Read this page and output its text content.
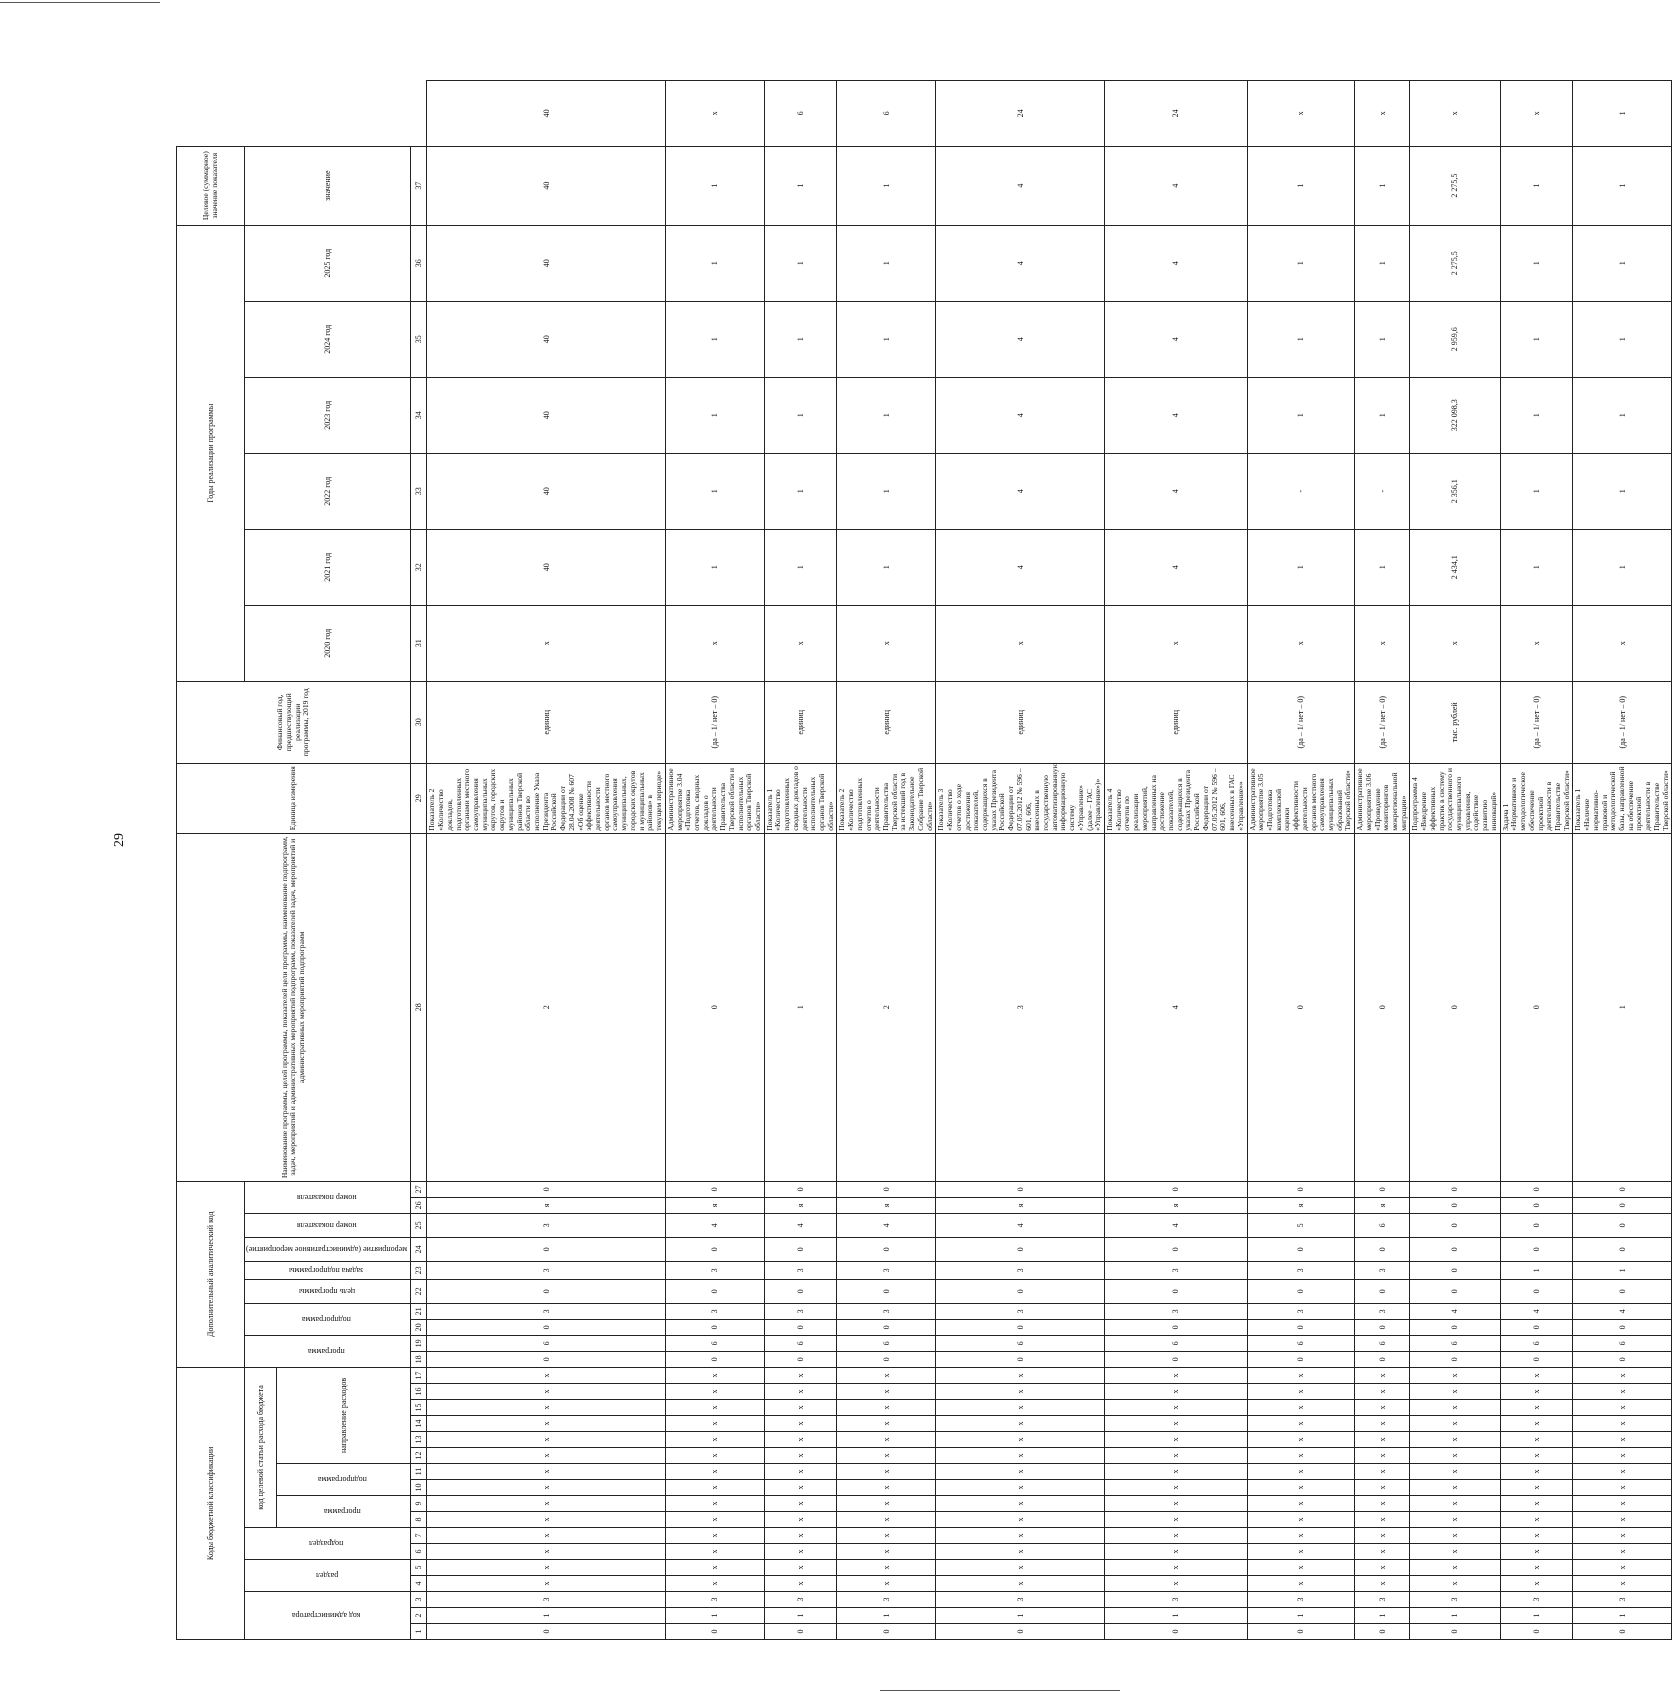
29
Коды бюджетной классификации																	Дополнительный аналитический код										Наименование программы, целей программы, показателей цели программы, наименование подпрограмм, задач, мероприятий и административных мероприятий подпрограмм, показателей задач, мероприятий и административных мероприятий подпрограмм	Единица измерения	Финансовый год, предшествующий реализации программы, 2019 год	Годы реализации программы						Целевое (суммарное) значение показателя	
код администратора			раздел		подраздел		код целевой статьи расхода бюджета										программа		подпрограмма		цель программы	задача подпрограммы	мероприятие (административное мероприятие)	номер показателя	номер показателя					2020 год	2021 год	2022 год	2023 год	2024 год	2025 год	значение	
							программа		подпрограмма		направление расходов																										
1	2	3	4	5	6	7	8	9	10	11	12	13	14	15	16	17	18	19	20	21	22	23	24	25	26	27	28	29	30	31	32	33	34	35	36	37	
0	1	3	х	х	х	х	х	х	х	х	х	х	х	х	х	х	0	6	0	3	0	3	0	3	я	0	2	Показатель 2 «Количество докладов, подготовленных органами местного самоуправления муниципальных округов, городских округов и муниципальных районов Тверской области во исполнение Указа Президента Российской Федерации от 28.04.2008 № 607 «Об оценке эффективности деятельности органов местного самоуправления муниципальных, городских округов и муниципальных районов» в текущем периоде»	единиц	х	40	40	40	40	40	40	40
0	1	3	х	х	х	х	х	х	х	х	х	х	х	х	х	х	0	6	0	3	0	3	0	4	я	0	0	Административное мероприятие 3.04 «Подготовка отчетов, сводных докладов о деятельности Правительства Тверской области и исполнительных органов Тверской области»	(да – 1/ нет – 0)	х	1	1	1	1	1	1	х
0	1	3	х	х	х	х	х	х	х	х	х	х	х	х	х	х	0	6	0	3	0	3	0	4	я	0	1	Показатель 1 «Количество подготовленных сводных докладов о деятельности исполнительных органов Тверской области»	единиц	х	1	1	1	1	1	1	6
0	1	3	х	х	х	х	х	х	х	х	х	х	х	х	х	х	0	6	0	3	0	3	0	4	я	0	2	Показатель 2 «Количество подготовленных отчетов о деятельности Правительства Тверской области за истекший год в Законодательное Собрание Тверской области»	единиц	х	1	1	1	1	1	1	6
0	1	3	х	х	х	х	х	х	х	х	х	х	х	х	х	х	0	6	0	3	0	3	0	4	я	0	3	Показатель 3 «Количество отчетов о ходе достижения показателей, содержащихся в указах Президента Российской Федерации от 07.05.2012 № 596 – 601, 606, внесенных в государственную автоматизированную информационную систему «Управление» (далее – ГАС «Управление»)»	единиц	х	4	4	4	4	4	4	24
0	1	3	х	х	х	х	х	х	х	х	х	х	х	х	х	х	0	6	0	3	0	3	0	4	я	0	4	Показатель 4 «Количество отчетов по реализации мероприятий, направленных на достижение показателей, содержащихся в указах Президента Российской Федерации от 07.05.2012 № 596 – 601, 606, внесенных в ГАС «Управление»»	единиц	х	4	4	4	4	4	4	24
0	1	3	х	х	х	х	х	х	х	х	х	х	х	х	х	х	0	6	0	3	0	3	0	5	я	0	0	Административное мероприятие 3.05 «Подготовка комплексной оценки эффективности деятельности органов местного самоуправления муниципальных образований Тверской области»	(да – 1/ нет – 0)	х	1	-	1	1	1	1	х
0	1	3	х	х	х	х	х	х	х	х	х	х	х	х	х	х	0	6	0	3	0	3	0	6	я	0	0	Административное мероприятие 3.06 «Проведение мониторингов межрегиональной миграции»	(да – 1/ нет – 0)	х	1	-	1	1	1	1	х
0	1	3	х	х	х	х	х	х	х	х	х	х	х	х	х	х	0	6	0	4	0	0	0	0	0	0	0	Подпрограмма 4 «Внедрение эффективных практик в систему государственного и муниципального управления, содействие развитию инноваций»	тыс. рублей	х	2 434,1	2 356,1	322 098,3	2 959,6	2 275,5	2 275,5	х
0	1	3	х	х	х	х	х	х	х	х	х	х	х	х	х	х	0	6	0	4	0	1	0	0	0	0	0	Задача 1 «Нормативное и методологическое обеспечение проектной деятельности в Правительстве Тверской области»	(да – 1/ нет – 0)	х	1	1	1	1	1	1	х
0	1	3	х	х	х	х	х	х	х	х	х	х	х	х	х	х	0	6	0	4	0	1	0	0	0	0	1	Показатель 1 «Наличие нормативно-правовой и методологической базы, направленной на обеспечение проектной деятельности в Правительстве Тверской области»	(да – 1/ нет – 0)	х	1	1	1	1	1	1	1
